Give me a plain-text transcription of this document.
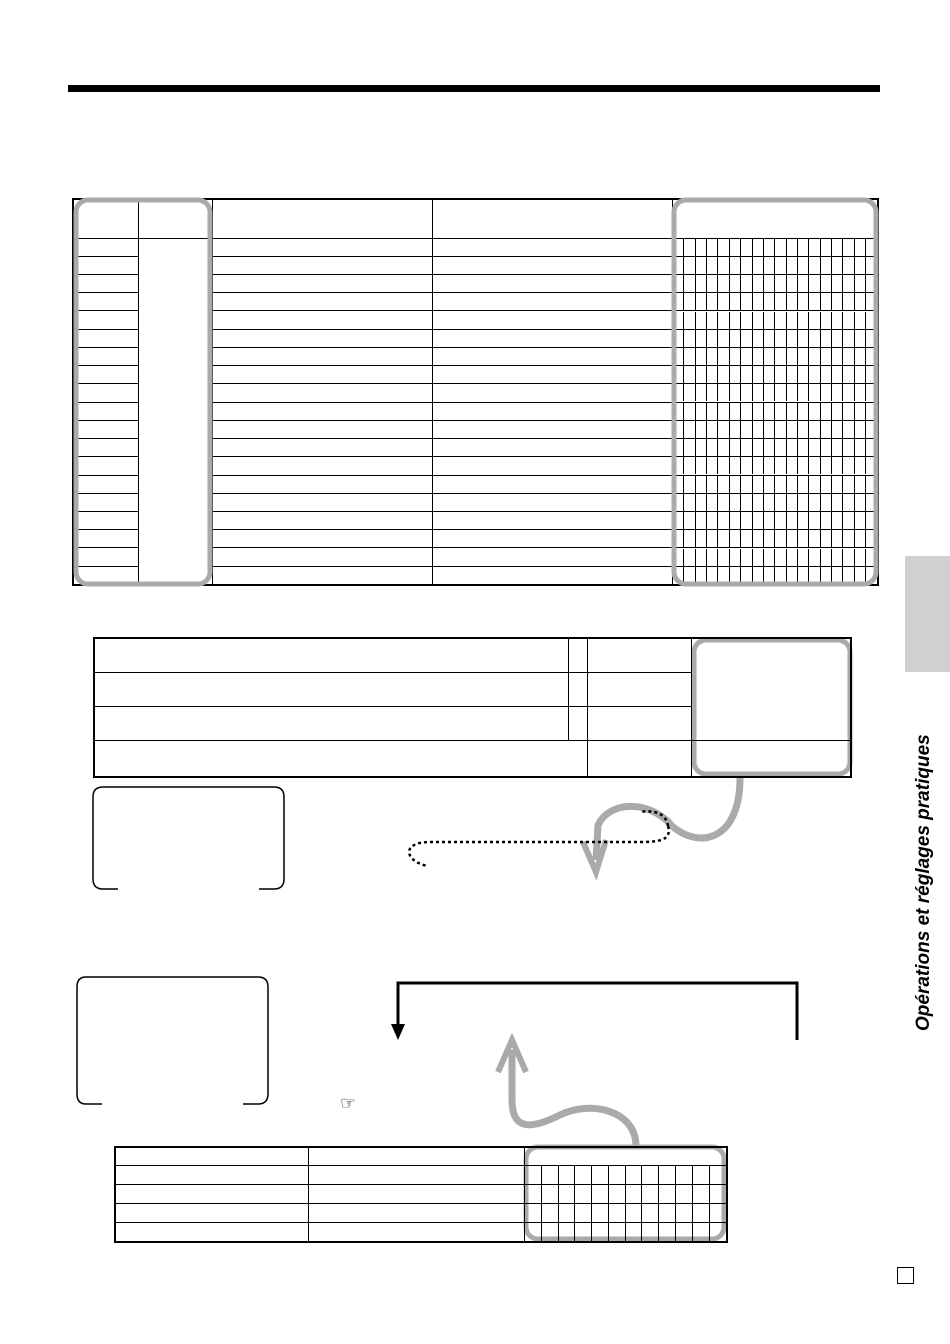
☞

Opérations et réglages pratiques
